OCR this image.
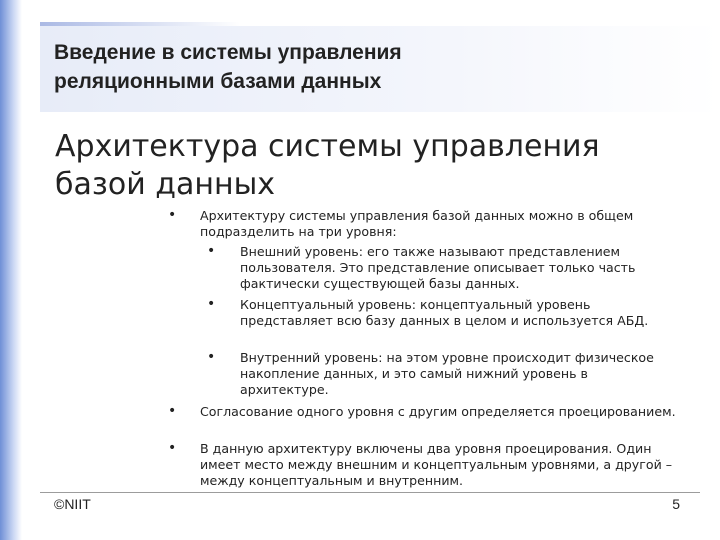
Введение в системы управления
реляционными базами данных
Архитектура системы управления
базой данных
• Архитектуру системы управления базой данных можно в общем подразделить на три уровня:
• Внешний уровень: его также называют представлением пользователя. Это представление описывает только часть фактически существующей базы данных.
• Концептуальный уровень: концептуальный уровень представляет всю базу данных в целом и используется АБД.
• Внутренний уровень: на этом уровне происходит физическое накопление данных, и это самый нижний уровень в архитектуре.
• Согласование одного уровня с другим определяется проецированием.
• В данную архитектуру включены два уровня проецирования. Один имеет место между внешним и концептуальным уровнями, а другой – между концептуальным и внутренним.
©NIIT	5
